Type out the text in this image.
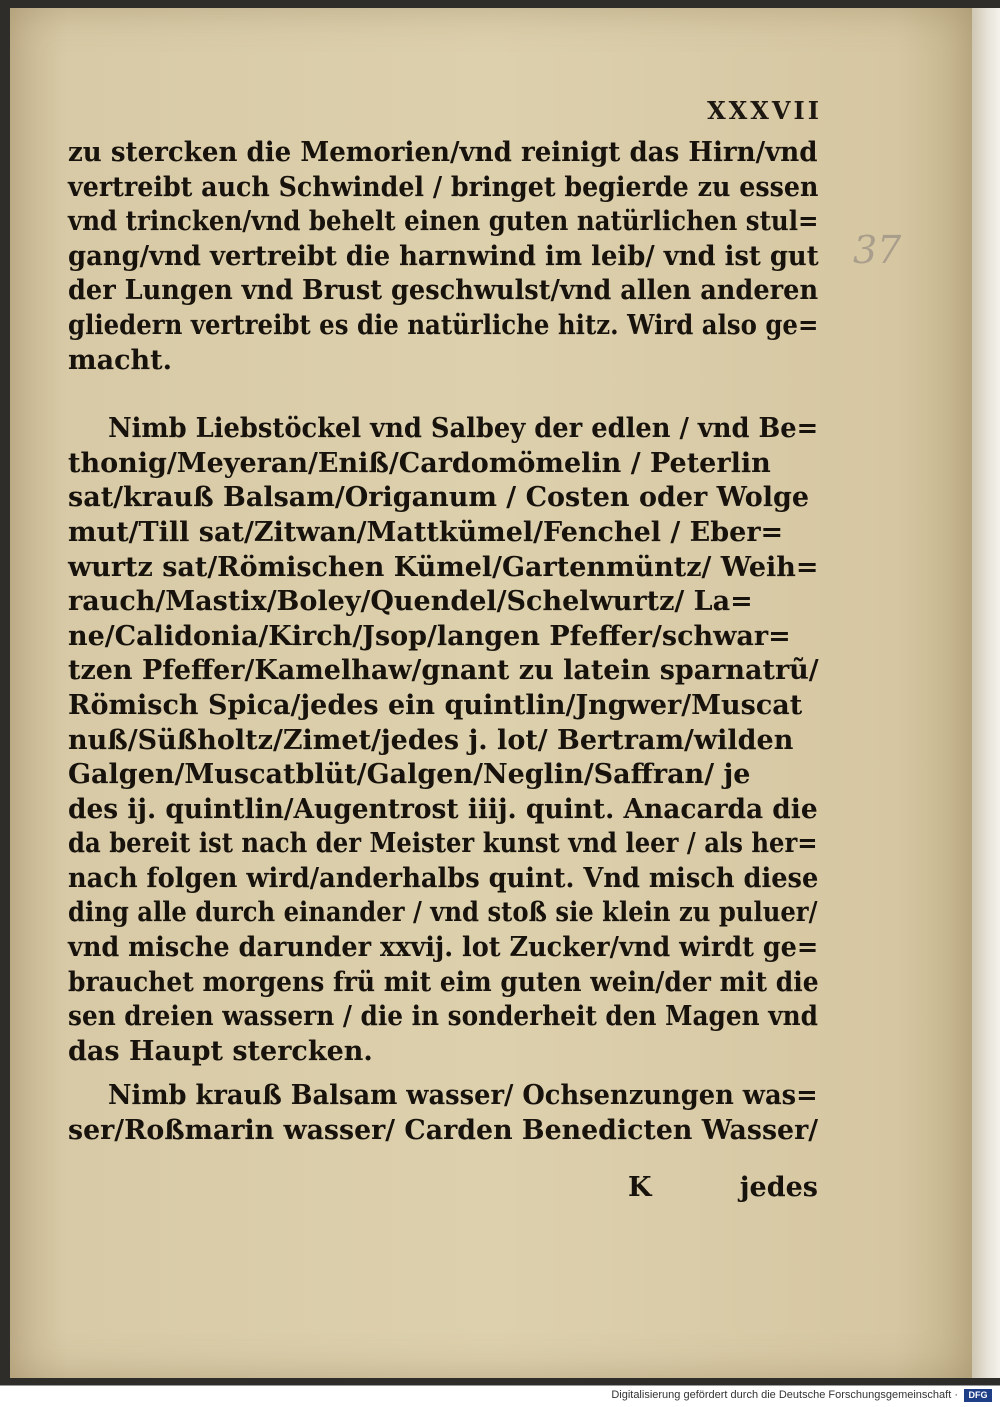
XXXVII
37
zu stercken die Memorien/vnd reinigt das Hirn/vnd
vertreibt auch Schwindel / bringet begierde zu essen
vnd trincken/vnd behelt einen guten natürlichen stul=
gang/vnd vertreibt die harnwind im leib/ vnd ist gut
der Lungen vnd Brust geschwulst/vnd allen anderen
gliedern vertreibt es die natürliche hitz. Wird also ge=
macht.
Nimb Liebstöckel vnd Salbey der edlen / vnd Be=
thonig/Meyeran/Eniß/Cardomömelin / Peterlin
sat/krauß Balsam/Origanum / Costen oder Wolge
mut/Till sat/Zitwan/Mattkümel/Fenchel / Eber=
wurtz sat/Römischen Kümel/Gartenmüntz/ Weih=
rauch/Mastix/Boley/Quendel/Schelwurtz/ La=
ne/Calidonia/Kirch/Jsop/langen Pfeffer/schwar=
tzen Pfeffer/Kamelhaw/gnant zu latein sparnatrũ/
Römisch Spica/jedes ein quintlin/Jngwer/Muscat
nuß/Süßholtz/Zimet/jedes j. lot/ Bertram/wilden
Galgen/Muscatblüt/Galgen/Neglin/Saffran/ je
des ij. quintlin/Augentrost iiij. quint. Anacarda die
da bereit ist nach der Meister kunst vnd leer / als her=
nach folgen wird/anderhalbs quint. Vnd misch diese
ding alle durch einander / vnd stoß sie klein zu puluer/
vnd mische darunder xxvij. lot Zucker/vnd wirdt ge=
brauchet morgens frü mit eim guten wein/der mit die
sen dreien wassern / die in sonderheit den Magen vnd
das Haupt stercken.
Nimb krauß Balsam wasser/ Ochsenzungen was=
ser/Roßmarin wasser/ Carden Benedicten Wasser/
K	jedes
Digitalisierung gefördert durch die Deutsche Forschungsgemeinschaft ·	DFG
